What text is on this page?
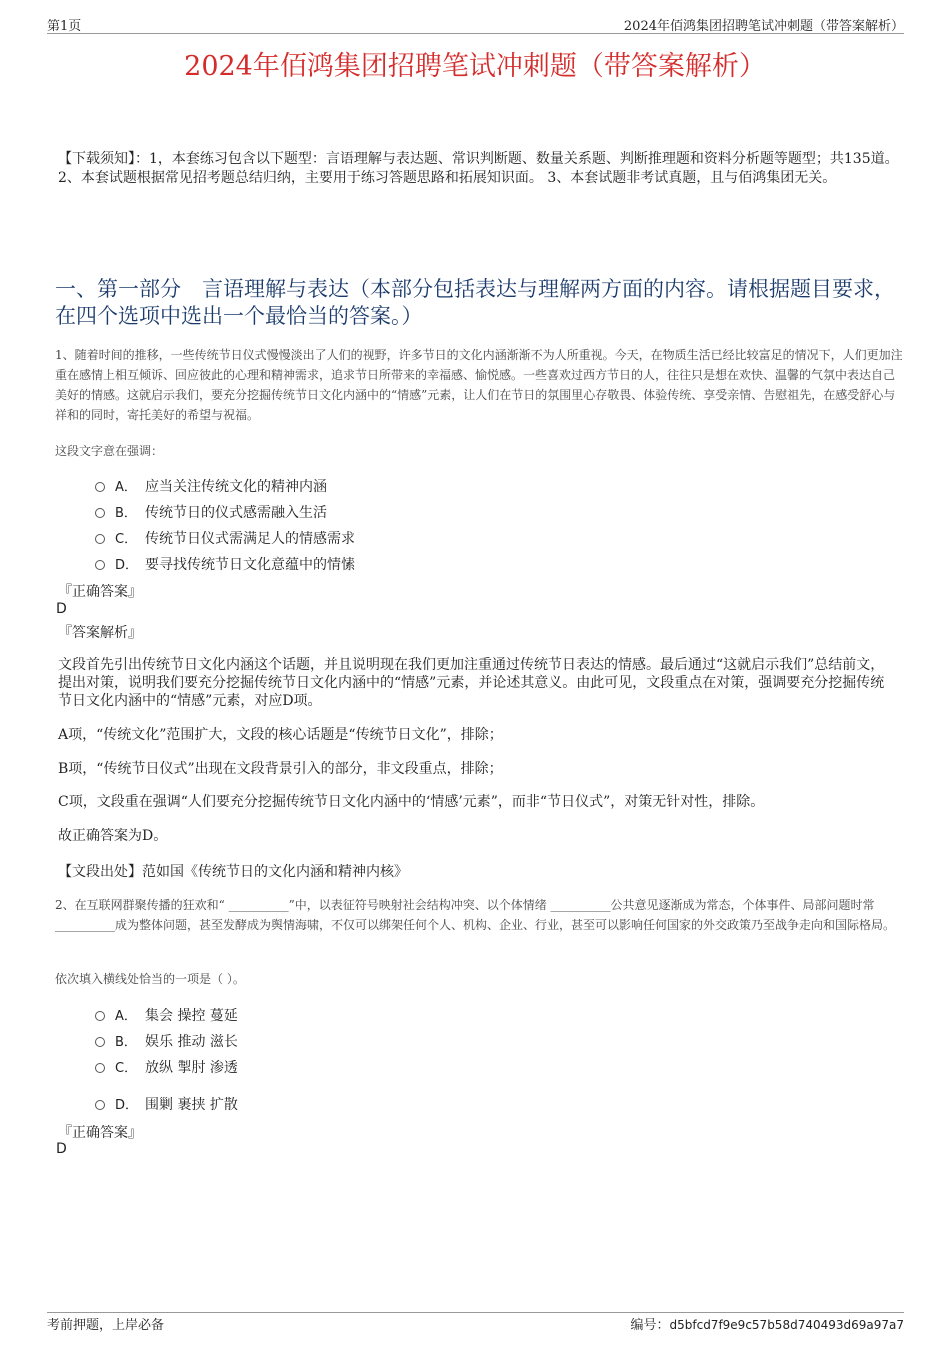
第1页	2024年佰鸿集团招聘笔试冲刺题（带答案解析）
2024年佰鸿集团招聘笔试冲刺题（带答案解析）
【下载须知】：1，本套练习包含以下题型：言语理解与表达题、常识判断题、数量关系题、判断推理题和资料分析题等题型；共135道。 2、本套试题根据常见招考题总结归纳，主要用于练习答题思路和拓展知识面。 3、本套试题非考试真题，且与佰鸿集团无关。
一、第一部分　言语理解与表达（本部分包括表达与理解两方面的内容。请根据题目要求，在四个选项中选出一个最恰当的答案。）
1、随着时间的推移，一些传统节日仪式慢慢淡出了人们的视野，许多节日的文化内涵渐渐不为人所重视。今天，在物质生活已经比较富足的情况下，人们更加注重在感情上相互倾诉、回应彼此的心理和精神需求，追求节日所带来的幸福感、愉悦感。一些喜欢过西方节日的人，往往只是想在欢快、温馨的气氛中表达自己美好的情感。这就启示我们，要充分挖掘传统节日文化内涵中的“情感”元素，让人们在节日的氛围里心存敬畏、体验传统、享受亲情、告慰祖先，在感受舒心与祥和的同时，寄托美好的希望与祝福。
这段文字意在强调：
A． 应当关注传统文化的精神内涵
B． 传统节日的仪式感需融入生活
C． 传统节日仪式需满足人的情感需求
D． 要寻找传统节日文化意蕴中的情愫
『正确答案』
D
『答案解析』
文段首先引出传统节日文化内涵这个话题，并且说明现在我们更加注重通过传统节日表达的情感。最后通过“这就启示我们”总结前文，提出对策，说明我们要充分挖掘传统节日文化内涵中的“情感”元素，并论述其意义。由此可见，文段重点在对策，强调要充分挖掘传统节日文化内涵中的“情感”元素，对应D项。
A项，“传统文化”范围扩大，文段的核心话题是“传统节日文化”，排除；
B项，“传统节日仪式”出现在文段背景引入的部分，非文段重点，排除；
C项，文段重在强调“人们要充分挖掘传统节日文化内涵中的‘情感’元素”，而非“节日仪式”，对策无针对性，排除。
故正确答案为D。
【文段出处】范如国《传统节日的文化内涵和精神内核》
2、在互联网群聚传播的狂欢和“ __________”中，以表征符号映射社会结构冲突、以个体情绪 __________公共意见逐渐成为常态，个体事件、局部问题时常 __________成为整体问题，甚至发酵成为舆情海啸，不仅可以绑架任何个人、机构、企业、行业，甚至可以影响任何国家的外交政策乃至战争走向和国际格局。
依次填入横线处恰当的一项是（ ）。
A． 集会 操控 蔓延
B． 娱乐 推动 滋长
C． 放纵 掣肘 渗透
D． 围剿 裹挟 扩散
『正确答案』
D
考前押题，上岸必备	编号：d5bfcd7f9e9c57b58d740493d69a97a7
